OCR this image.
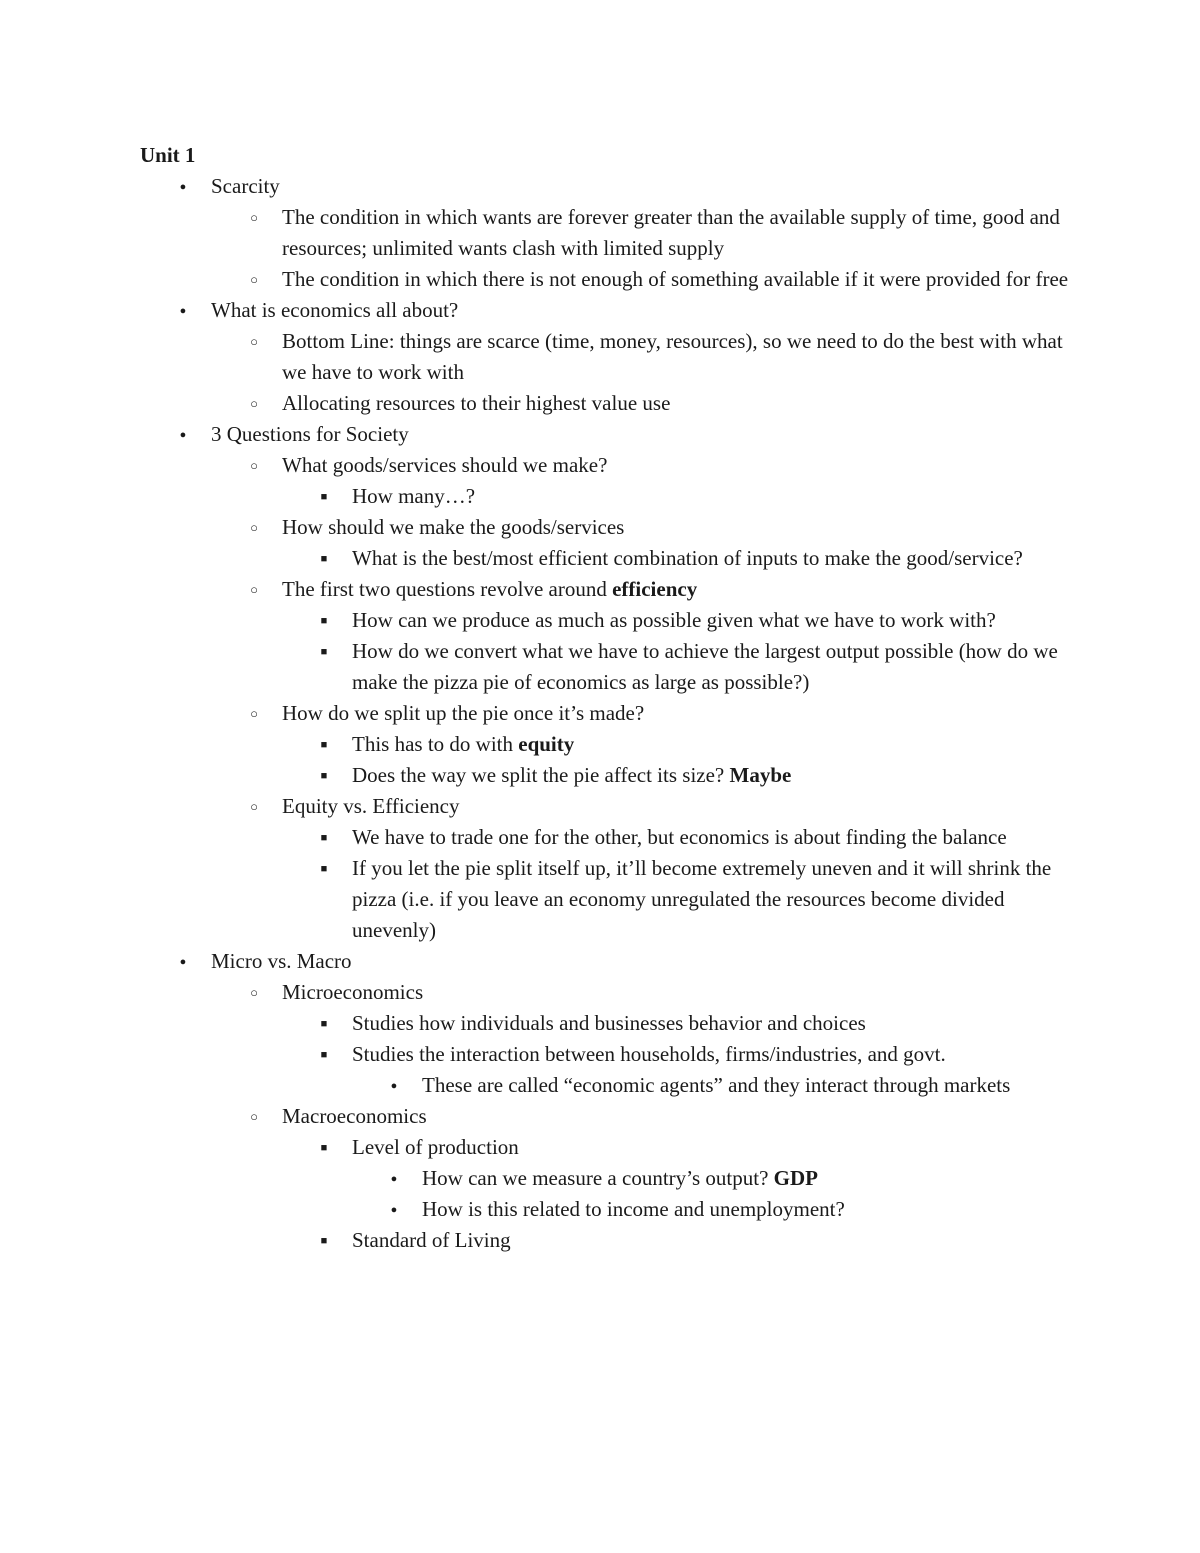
Unit 1
●
Scarcity
○
The condition in which wants are forever greater than the available supply of time, good and resources; unlimited wants clash with limited supply
○
The condition in which there is not enough of something available if it were provided for free
●
What is economics all about?
○
Bottom Line: things are scarce (time, money, resources), so we need to do the best with what we have to work with
○
Allocating resources to their highest value use
●
3 Questions for Society
○
What goods/services should we make?
■
How many…?
○
How should we make the goods/services
■
What is the best/most efficient combination of inputs to make the good/service?
○
The first two questions revolve around efficiency
■
How can we produce as much as possible given what we have to work with?
■
How do we convert what we have to achieve the largest output possible (how do we make the pizza pie of economics as large as possible?)
○
How do we split up the pie once it’s made?
■
This has to do with equity
■
Does the way we split the pie affect its size? Maybe
○
Equity vs. Efficiency
■
We have to trade one for the other, but economics is about finding the balance
■
If you let the pie split itself up, it’ll become extremely uneven and it will shrink the pizza (i.e. if you leave an economy unregulated the resources become divided unevenly)
●
Micro vs. Macro
○
Microeconomics
■
Studies how individuals and businesses behavior and choices
■
Studies the interaction between households, firms/industries, and govt.
●
These are called “economic agents” and they interact through markets
○
Macroeconomics
■
Level of production
●
How can we measure a country’s output? GDP
●
How is this related to income and unemployment?
■
Standard of Living
